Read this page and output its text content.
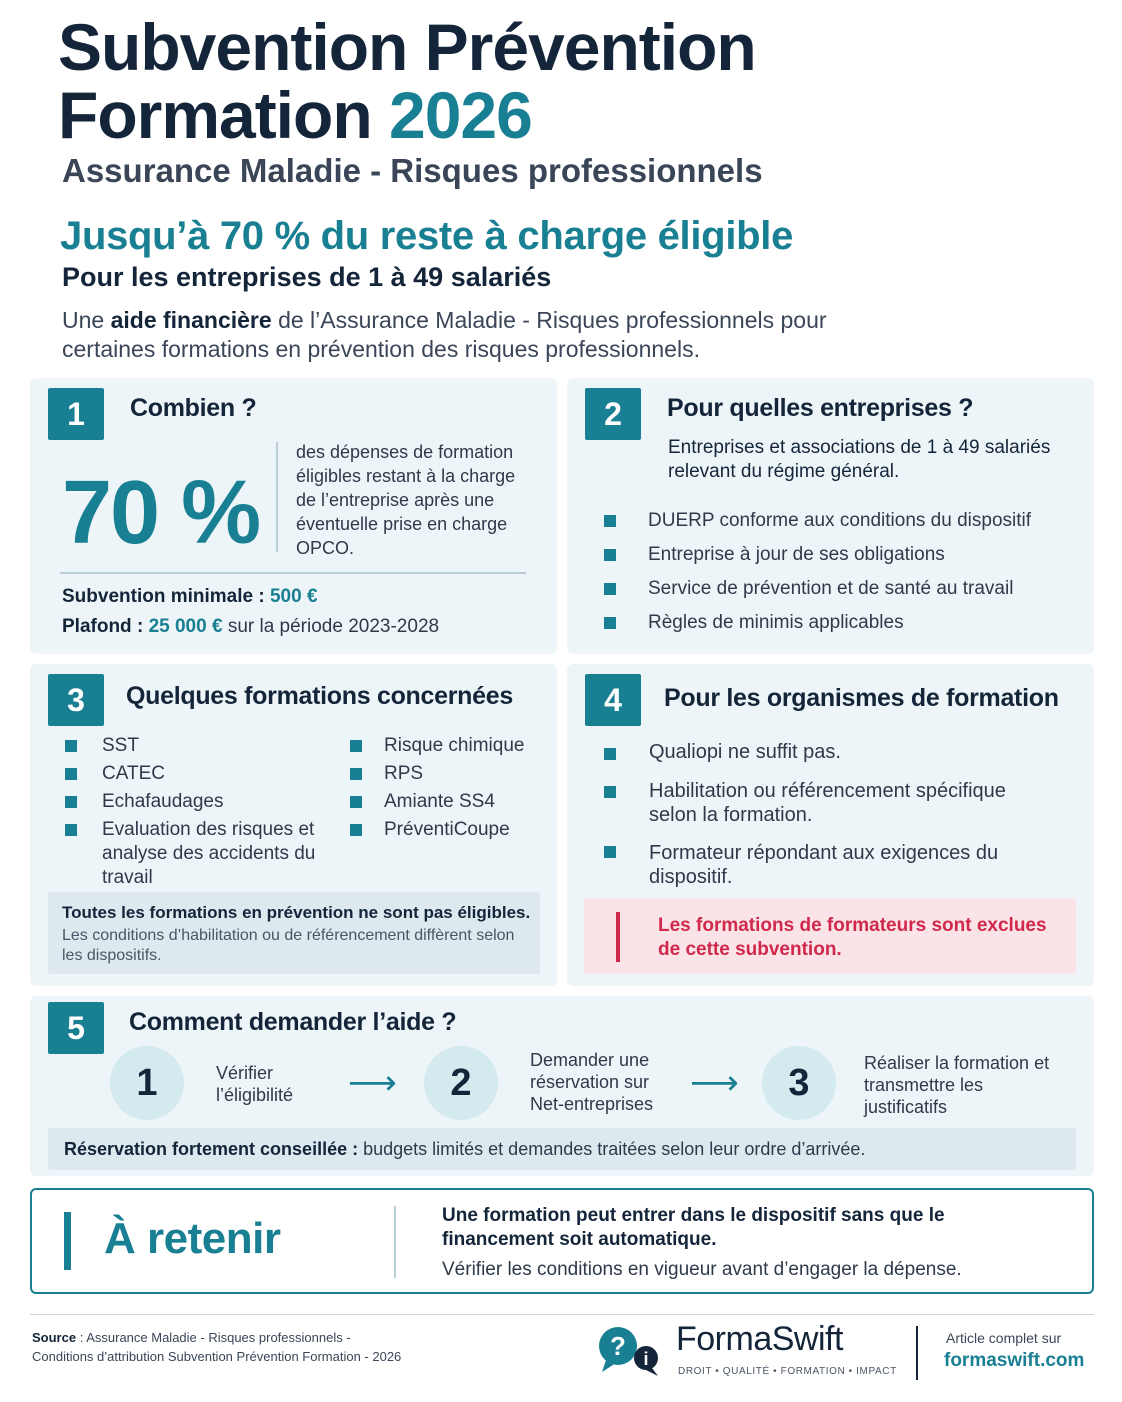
Subvention Prévention
Formation 2026
Assurance Maladie - Risques professionnels
Jusqu’à 70 % du reste à charge éligible
Pour les entreprises de 1 à 49 salariés
Une aide financière de l’Assurance Maladie - Risques professionnels pour certaines formations en prévention des risques professionnels.
1	Combien ?
70 %
des dépenses de formation éligibles restant à la charge de l’entreprise après une éventuelle prise en charge OPCO.
Subvention minimale : 500 €
Plafond : 25 000 € sur la période 2023-2028
2	Pour quelles entreprises ?
Entreprises et associations de 1 à 49 salariés relevant du régime général.
DUERP conforme aux conditions du dispositif
Entreprise à jour de ses obligations
Service de prévention et de santé au travail
Règles de minimis applicables
3	Quelques formations concernées
SST
CATEC
Echafaudages
Evaluation des risques et analyse des accidents du travail
Risque chimique
RPS
Amiante SS4
PréventiCoupe
Toutes les formations en prévention ne sont pas éligibles.
Les conditions d’habilitation ou de référencement diffèrent selon les dispositifs.
4	Pour les organismes de formation
Qualiopi ne suffit pas.
Habilitation ou référencement spécifique selon la formation.
Formateur répondant aux exigences du dispositif.
Les formations de formateurs sont exclues de cette subvention.
5	Comment demander l’aide ?
1	Vérifier l’éligibilité	⟶	2
Demander une réservation sur Net-entreprises
⟶	3	Réaliser la formation et transmettre les justificatifs
Réservation fortement conseillée : budgets limités et demandes traitées selon leur ordre d’arrivée.
À retenir	Une formation peut entrer dans le dispositif sans que le financement soit automatique.
Vérifier les conditions en vigueur avant d’engager la dépense.
Source : Assurance Maladie - Risques professionnels -
Conditions d’attribution Subvention Prévention Formation - 2026	? i
FormaSwift
DROIT • QUALITÉ • FORMATION • IMPACT
Article complet sur
formaswift.com
